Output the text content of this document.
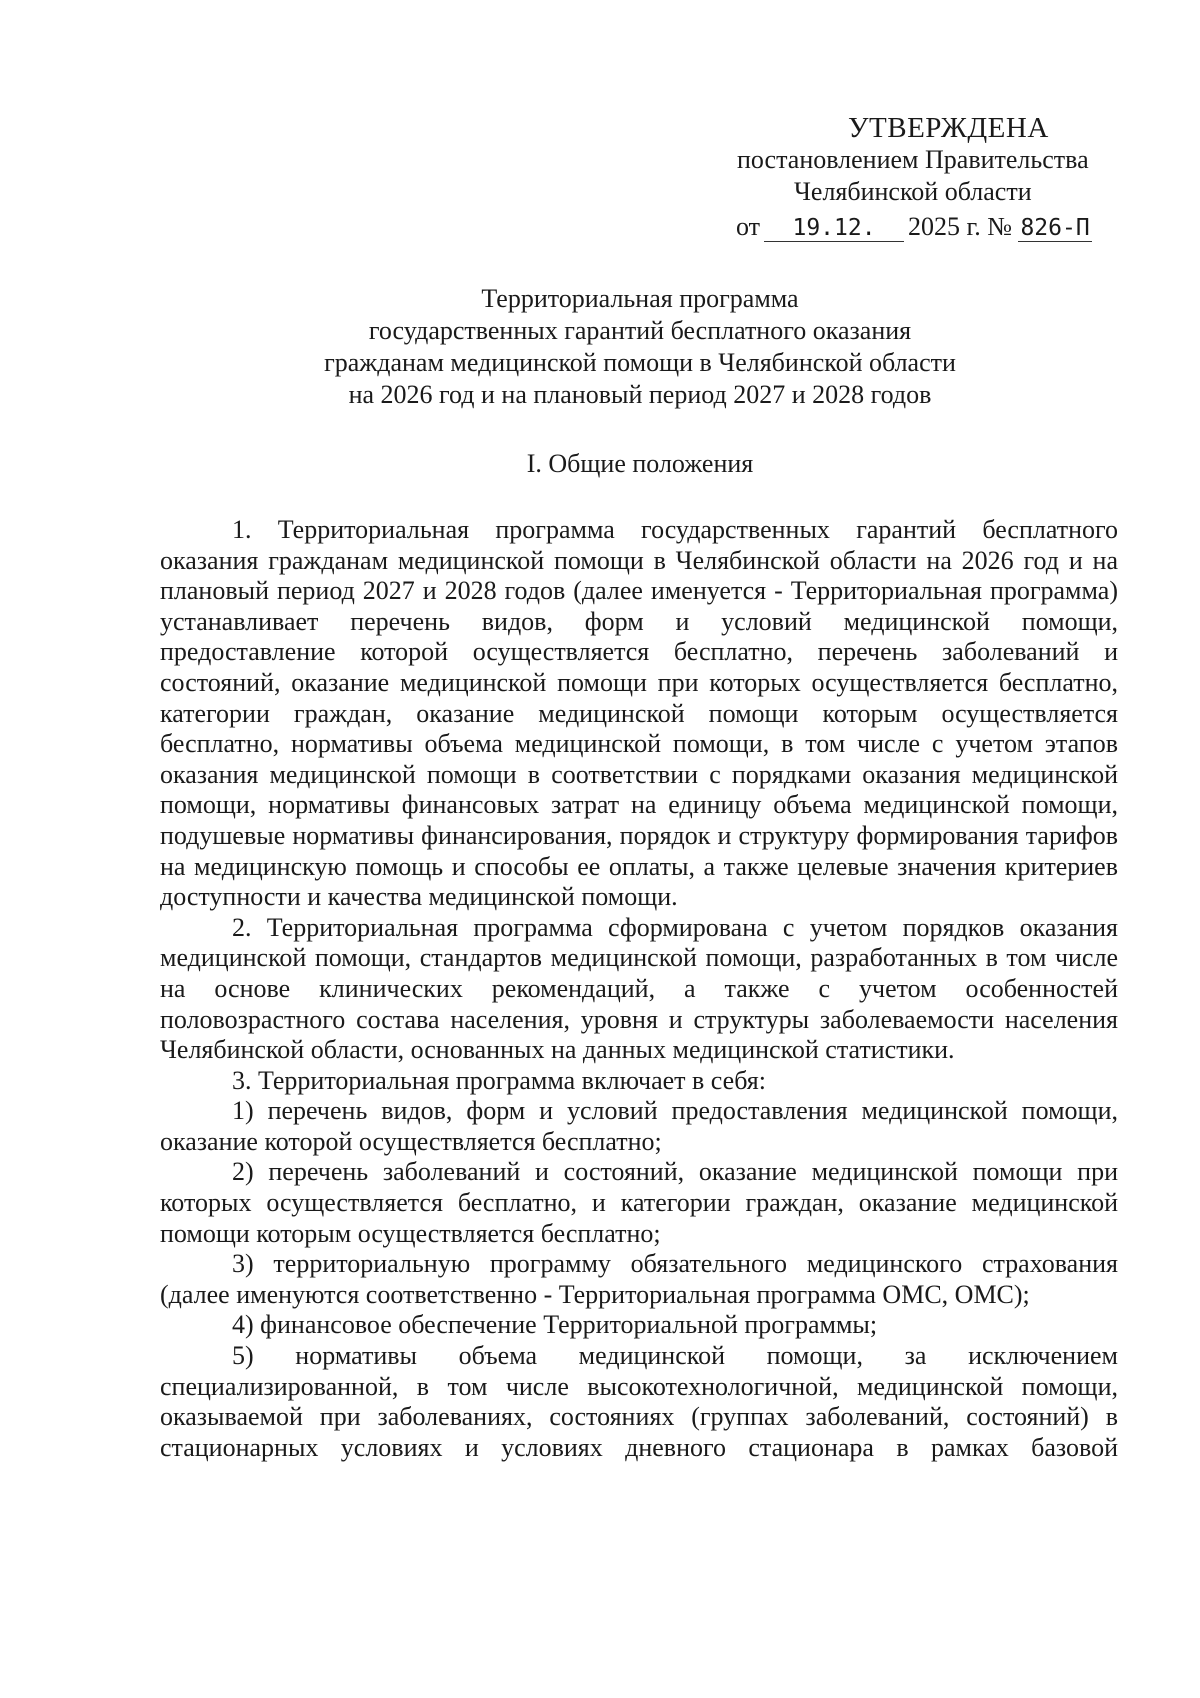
УТВЕРЖДЕНА
постановлением Правительства
Челябинской области
от 19.12. 2025 г. № 826-П
Территориальная программа
государственных гарантий бесплатного оказания
гражданам медицинской помощи в Челябинской области
на 2026 год и на плановый период 2027 и 2028 годов
I. Общие положения

1. Территориальная программа государственных гарантий бесплатного оказания гражданам медицинской помощи в Челябинской области на 2026 год и на плановый период 2027 и 2028 годов (далее именуется - Территориальная программа) устанавливает перечень видов, форм и условий медицинской помощи, предоставление которой осуществляется бесплатно, перечень заболеваний и состояний, оказание медицинской помощи при которых осуществляется бесплатно, категории граждан, оказание медицинской помощи которым осуществляется бесплатно, нормативы объема медицинской помощи, в том числе с учетом этапов оказания медицинской помощи в соответствии с порядками оказания медицинской помощи, нормативы финансовых затрат на единицу объема медицинской помощи, подушевые нормативы финансирования, порядок и структуру формирования тарифов на медицинскую помощь и способы ее оплаты, а также целевые значения критериев доступности и качества медицинской помощи.

2. Территориальная программа сформирована с учетом порядков оказания медицинской помощи, стандартов медицинской помощи, разработанных в том числе на основе клинических рекомендаций, а также с учетом особенностей половозрастного состава населения, уровня и структуры заболеваемости населения Челябинской области, основанных на данных медицинской статистики.

3. Территориальная программа включает в себя:

1) перечень видов, форм и условий предоставления медицинской помощи, оказание которой осуществляется бесплатно;

2) перечень заболеваний и состояний, оказание медицинской помощи при которых осуществляется бесплатно, и категории граждан, оказание медицинской помощи которым осуществляется бесплатно;

3) территориальную программу обязательного медицинского страхования (далее именуются соответственно - Территориальная программа ОМС, ОМС);

4) финансовое обеспечение Территориальной программы;

5) нормативы объема медицинской помощи, за исключением специализированной, в том числе высокотехнологичной, медицинской помощи, оказываемой при заболеваниях, состояниях (группах заболеваний, состояний) в стационарных условиях и условиях дневного стационара в рамках базовой
